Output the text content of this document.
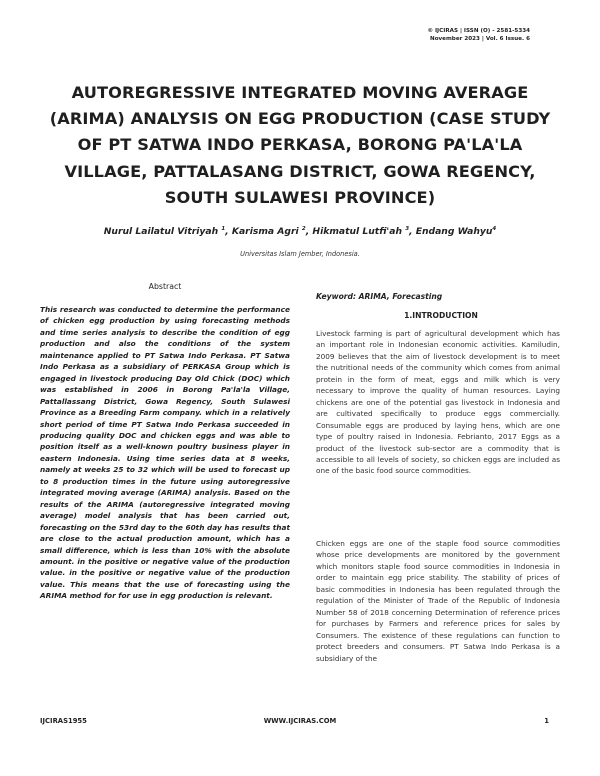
© IJCIRAS | ISSN (O) - 2581-5334
November 2023 | Vol. 6 Issue. 6
AUTOREGRESSIVE INTEGRATED MOVING AVERAGE (ARIMA) ANALYSIS ON EGG PRODUCTION (CASE STUDY OF PT SATWA INDO PERKASA, BORONG PA'LA'LA VILLAGE, PATTALASANG DISTRICT, GOWA REGENCY, SOUTH SULAWESI PROVINCE)
Nurul Lailatul Vitriyah $^1$, Karisma Agri $^2$, Hikmatul Lutfi'ah $^3$, Endang Wahyu$^4$
Universitas Islam Jember, Indonesia.
Abstract
This research was conducted to determine the performance of chicken egg production by using forecasting methods and time series analysis to describe the condition of egg production and also the conditions of the system maintenance applied to PT Satwa Indo Perkasa. PT Satwa Indo Perkasa as a subsidiary of PERKASA Group which is engaged in livestock producing Day Old Chick (DOC) which was established in 2006 in Borong Pa'la'la Village, Pattallassang District, Gowa Regency, South Sulawesi Province as a Breeding Farm company. which in a relatively short period of time PT Satwa Indo Perkasa succeeded in producing quality DOC and chicken eggs and was able to position itself as a well-known poultry business player in eastern Indonesia. Using time series data at 8 weeks, namely at weeks 25 to 32 which will be used to forecast up to 8 production times in the future using autoregressive integrated moving average (ARIMA) analysis. Based on the results of the ARIMA (autoregressive integrated moving average) model analysis that has been carried out, forecasting on the 53rd day to the 60th day has results that are close to the actual production amount, which has a small difference, which is less than 10% with the absolute amount. in the positive or negative value of the production value. in the positive or negative value of the production value. This means that the use of forecasting using the ARIMA method for for use in egg production is relevant.
Keyword: ARIMA, Forecasting
1.INTRODUCTION
Livestock farming is part of agricultural development which has an important role in Indonesian economic activities. Kamiludin, 2009 believes that the aim of livestock development is to meet the nutritional needs of the community which comes from animal protein in the form of meat, eggs and milk which is very necessary to improve the quality of human resources. Laying chickens are one of the potential gas livestock in Indonesia and are cultivated specifically to produce eggs commercially. Consumable eggs are produced by laying hens, which are one type of poultry raised in Indonesia. Febrianto, 2017 Eggs as a product of the livestock sub-sector are a commodity that is accessible to all levels of society, so chicken eggs are included as one of the basic food source commodities.
Chicken eggs are one of the staple food source commodities whose price developments are monitored by the government which monitors staple food source commodities in Indonesia in order to maintain egg price stability. The stability of prices of basic commodities in Indonesia has been regulated through the regulation of the Minister of Trade of the Republic of Indonesia Number 58 of 2018 concerning Determination of reference prices for purchases by Farmers and reference prices for sales by Consumers. The existence of these regulations can function to protect breeders and consumers. PT Satwa Indo Perkasa is a subsidiary of the
IJCIRAS1955	WWW.IJCIRAS.COM	1
